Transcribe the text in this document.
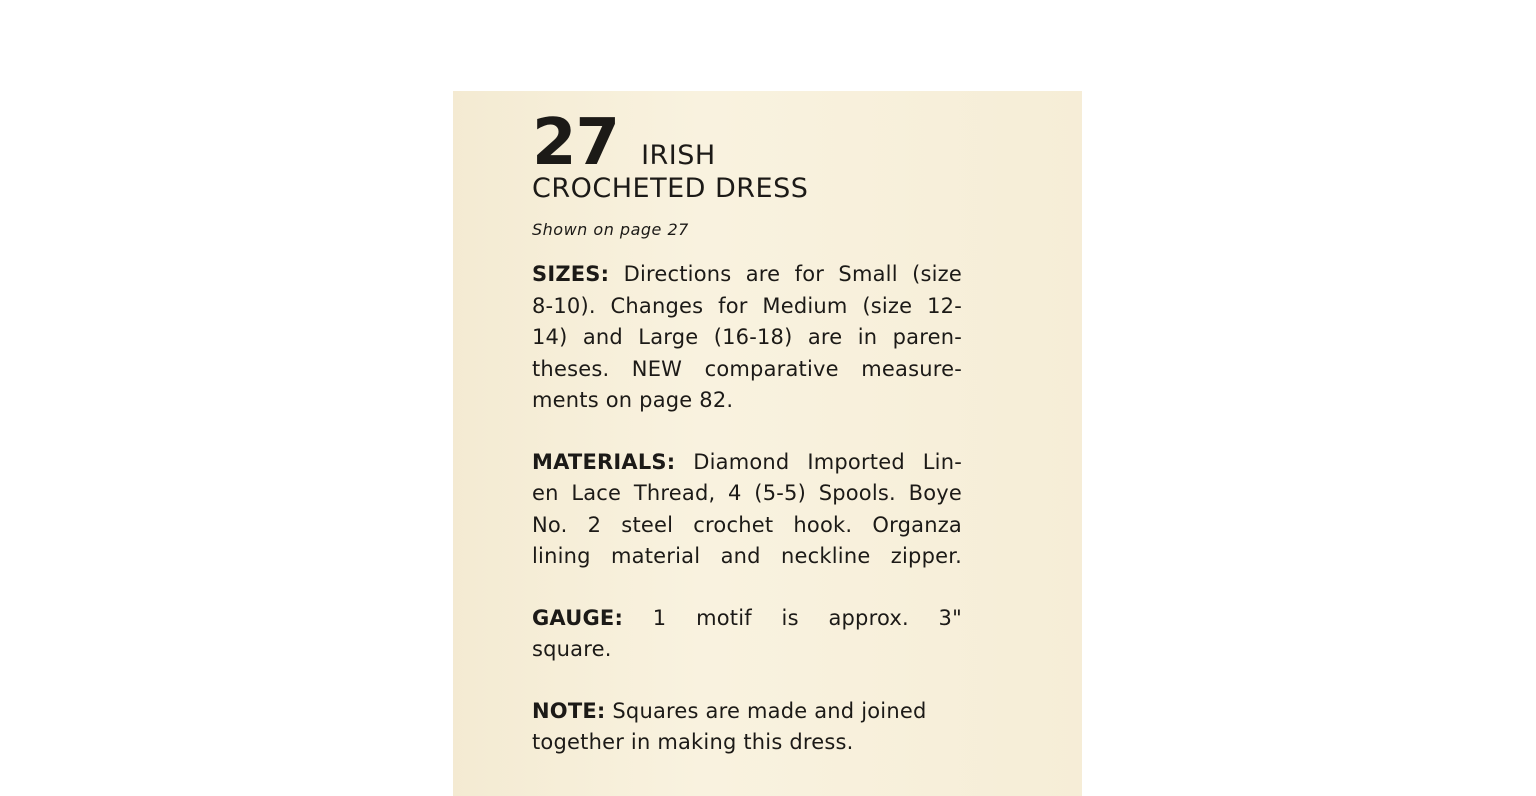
27 IRISH
CROCHETED DRESS

Shown on page 27

SIZES: Directions are for Small (size
8-10). Changes for Medium (size 12-
14) and Large (16-18) are in paren-
theses. NEW comparative measure-
ments on page 82.

MATERIALS: Diamond Imported Lin-
en Lace Thread, 4 (5-5) Spools. Boye
No. 2 steel crochet hook. Organza
lining material and neckline zipper.

GAUGE: 1 motif is approx. 3"
square.

NOTE: Squares are made and joined
together in making this dress.
